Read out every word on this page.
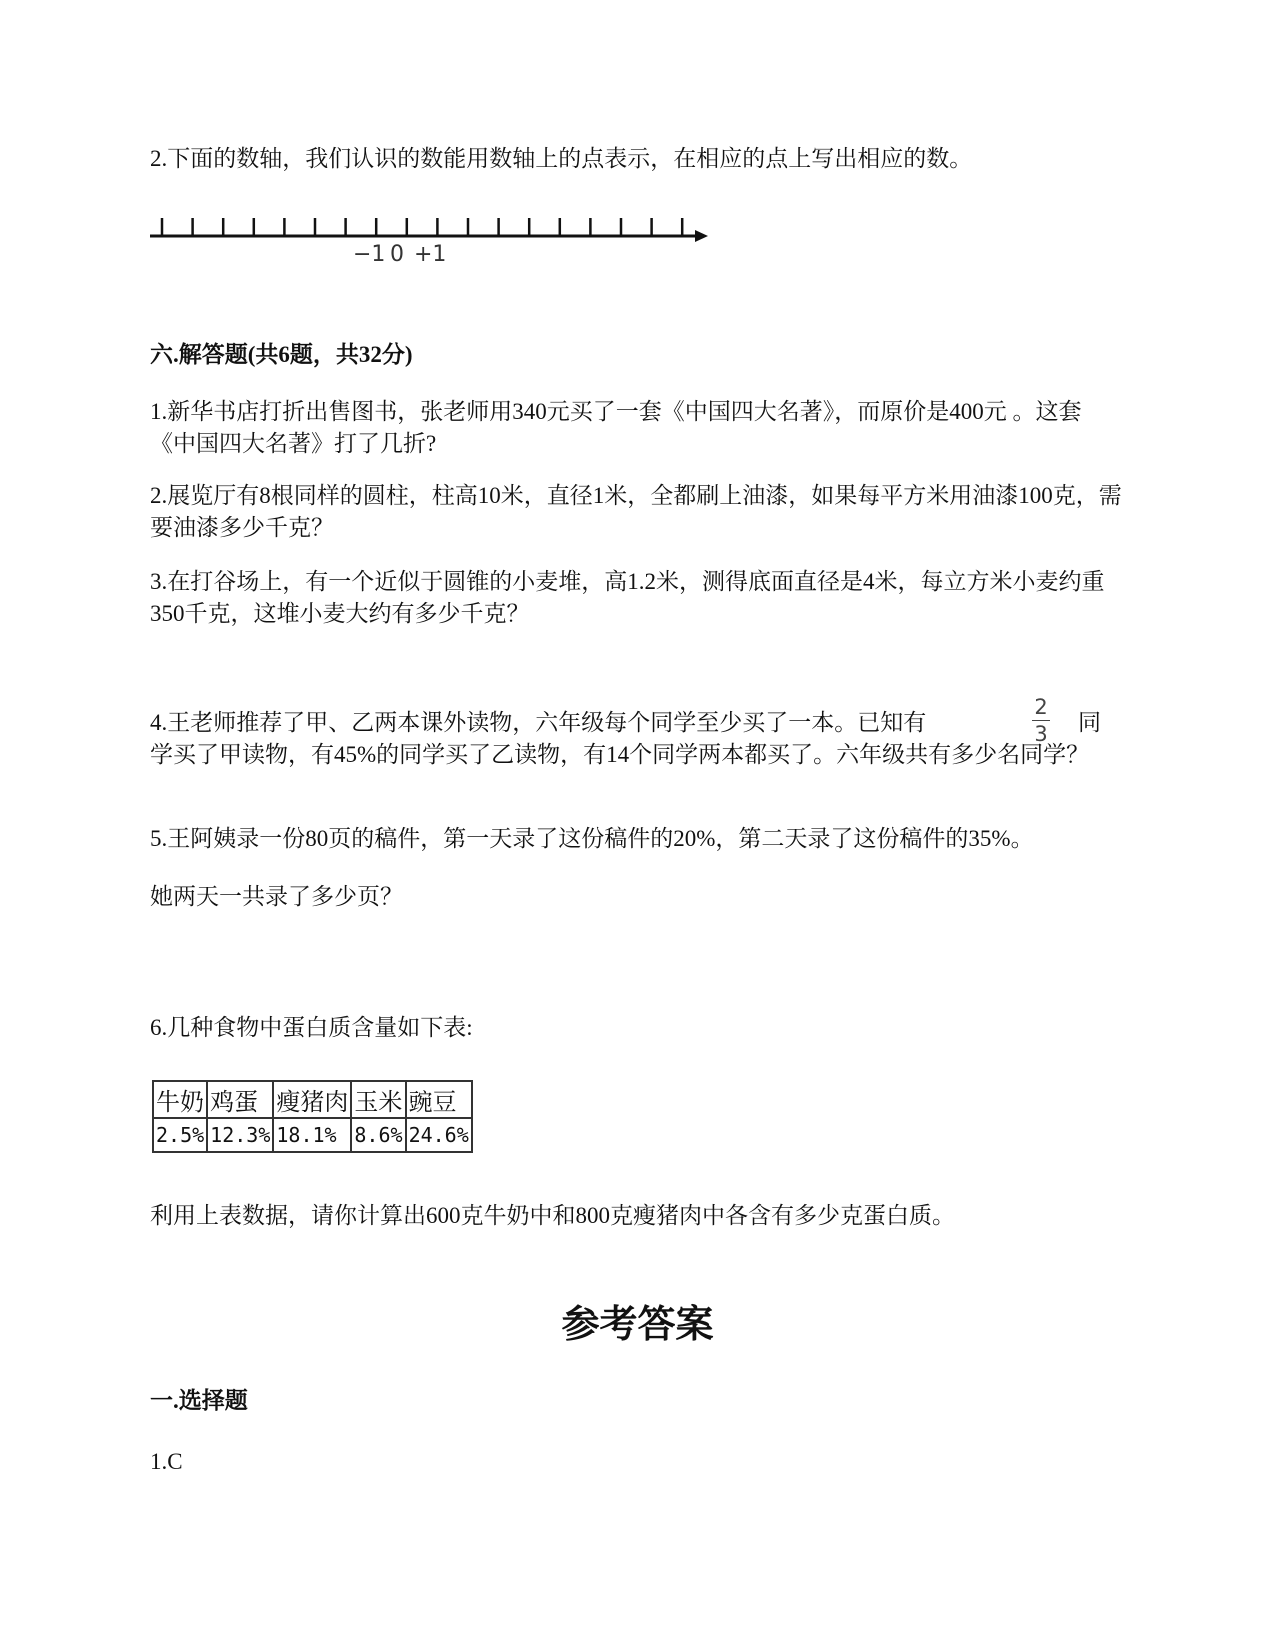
2.下面的数轴，我们认识的数能用数轴上的点表示，在相应的点上写出相应的数。

−1 0 +1

六.解答题(共6题，共32分)

1.新华书店打折出售图书，张老师用340元买了一套《中国四大名著》，而原价是400元 。这套《中国四大名著》打了几折?

2.展览厅有8根同样的圆柱，柱高10米，直径1米，全都刷上油漆，如果每平方米用油漆100克，需要油漆多少千克？

3.在打谷场上，有一个近似于圆锥的小麦堆，高1.2米，测得底面直径是4米，每立方米小麦约重350千克，这堆小麦大约有多少千克？

2
3

4.王老师推荐了甲、乙两本课外读物，六年级每个同学至少买了一本。已知有	同

学买了甲读物，有45%的同学买了乙读物，有14个同学两本都买了。六年级共有多少名同学？

5.王阿姨录一份80页的稿件，第一天录了这份稿件的20%，第二天录了这份稿件的35%。

她两天一共录了多少页？

6.几种食物中蛋白质含量如下表:

牛奶	鸡蛋	瘦猪肉	玉米	豌豆
2.5%	12.3%	18.1%	8.6%	24.6%

利用上表数据，请你计算出600克牛奶中和800克瘦猪肉中各含有多少克蛋白质。

参考答案

一.选择题

1.C
